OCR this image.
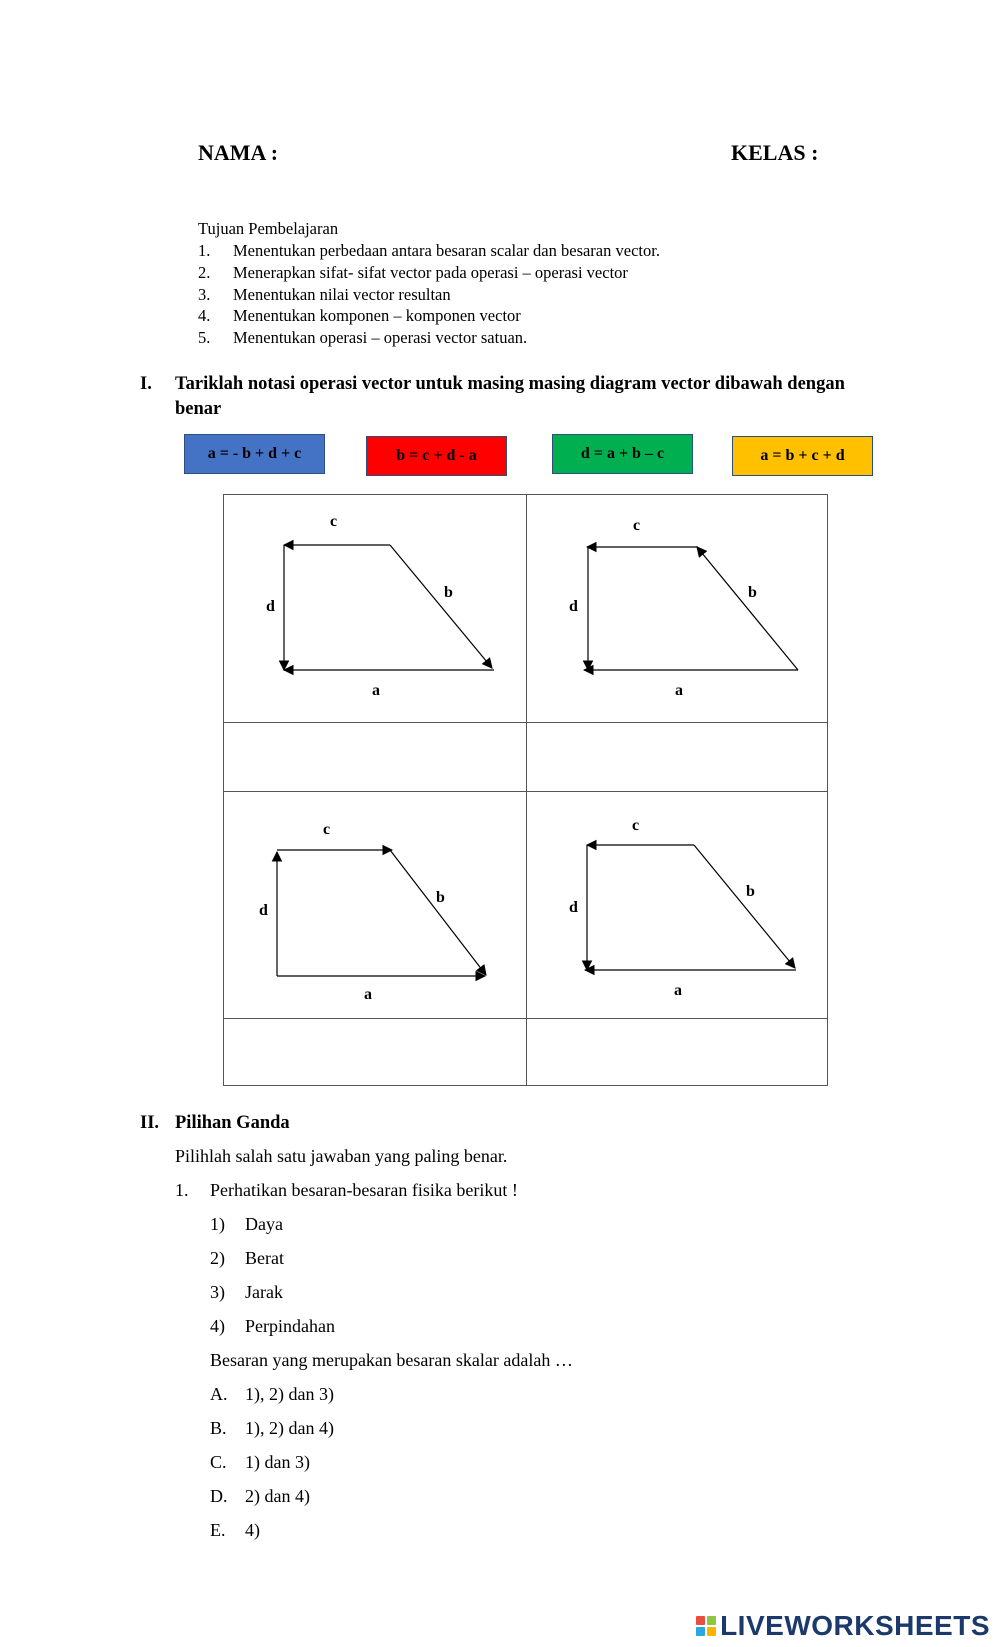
NAMA :	KELAS :
Tujuan Pembelajaran
1. Menentukan perbedaan antara besaran scalar dan besaran vector.
2. Menerapkan sifat- sifat vector pada operasi – operasi vector
3. Menentukan nilai vector resultan
4. Menentukan komponen – komponen vector
5. Menentukan operasi – operasi vector satuan.
I. Tariklah notasi operasi vector untuk masing masing diagram vector dibawah dengan
benar
a = - b + d + c	b = c + d - a	d = a + b – c	a = b + c + d
c
d
b
a
c
d
b
a
c
d
b
a
c
d
b
a
II. Pilihan Ganda
Pilihlah salah satu jawaban yang paling benar.
1. Perhatikan besaran-besaran fisika berikut !
1) Daya
2) Berat
3) Jarak
4) Perpindahan
Besaran yang merupakan besaran skalar adalah …
A. 1), 2) dan 3)
B. 1), 2) dan 4)
C. 1) dan 3)
D. 2) dan 4)
E. 4)
LIVEWORKSHEETS
